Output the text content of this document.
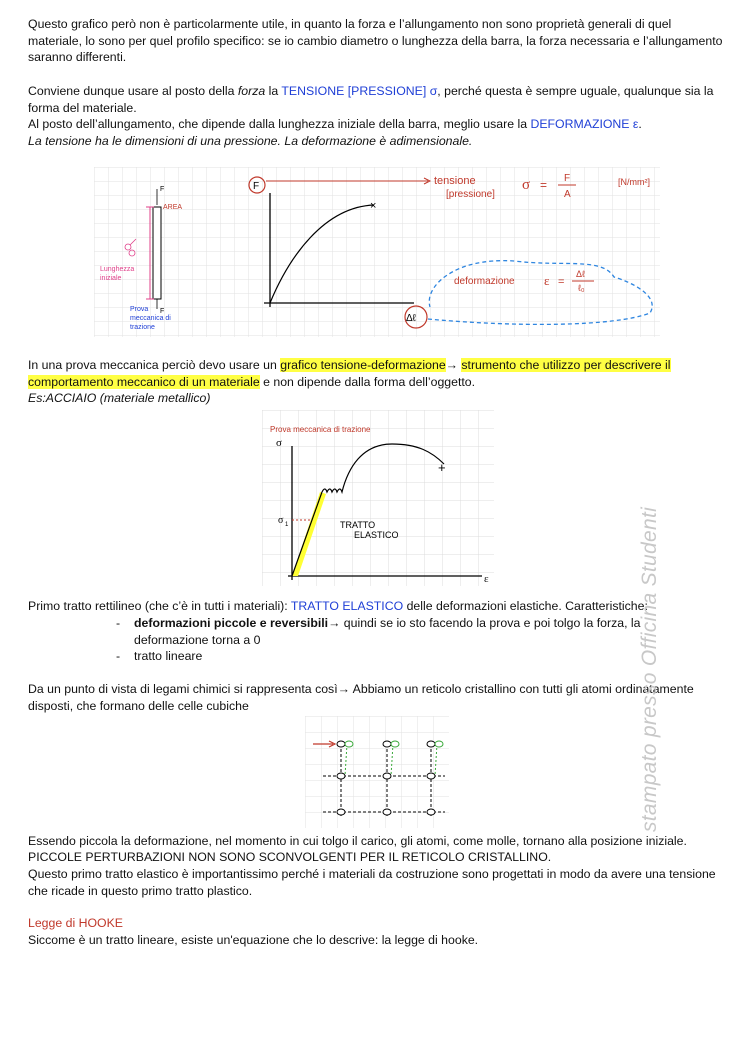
Questo grafico però non è particolarmente utile, in quanto la forza e l’allungamento non sono proprietà generali di quel materiale, lo sono per quel profilo specifico: se io cambio diametro o lunghezza della barra, la forza necessaria e l’allungamento saranno differenti.
Conviene dunque usare al posto della forza la TENSIONE [PRESSIONE] σ, perché questa è sempre uguale, qualunque sia la forma del materiale.
Al posto dell’allungamento, che dipende dalla lunghezza iniziale della barra, meglio usare la DEFORMAZIONE ε.
La tensione ha le dimensioni di una pressione. La deformazione è adimensionale.
F
AREA
F
Lunghezza
iniziale
Prova
meccanica di
trazione
×
F	tensione
[pressione]
σ = F
A
[N/mm²]
Δℓ
deformazione ε =
Δℓ
ℓ₀
In una prova meccanica perciò devo usare un grafico tensione-deformazione→ strumento che utilizzo per descrivere il comportamento meccanico di un materiale e non dipende dalla forma dell’oggetto.
Es:ACCIAIO (materiale metallico)
Prova meccanica di trazione
σ
ε
+
σ 1	TRATTO
ELASTICO
Primo tratto rettilineo (che c’è in tutti i materiali): TRATTO ELASTICO delle deformazioni elastiche. Caratteristiche:
- deformazioni piccole e reversibili→ quindi se io sto facendo la prova e poi tolgo la forza, la deformazione torna a 0
- tratto lineare
Da un punto di vista di legami chimici si rappresenta così→ Abbiamo un reticolo cristallino con tutti gli atomi ordinatamente disposti, che formano delle celle cubiche
Essendo piccola la deformazione, nel momento in cui tolgo il carico, gli atomi, come molle, tornano alla posizione iniziale.
PICCOLE PERTURBAZIONI NON SONO SCONVOLGENTI PER IL RETICOLO CRISTALLINO.
Questo primo tratto elastico è importantissimo perché i materiali da costruzione sono progettati in modo da avere una tensione che ricade in questo primo tratto plastico.
Legge di HOOKE
Siccome è un tratto lineare, esiste un'equazione che lo descrive: la legge di hooke.
stampato presso Officina Studenti
